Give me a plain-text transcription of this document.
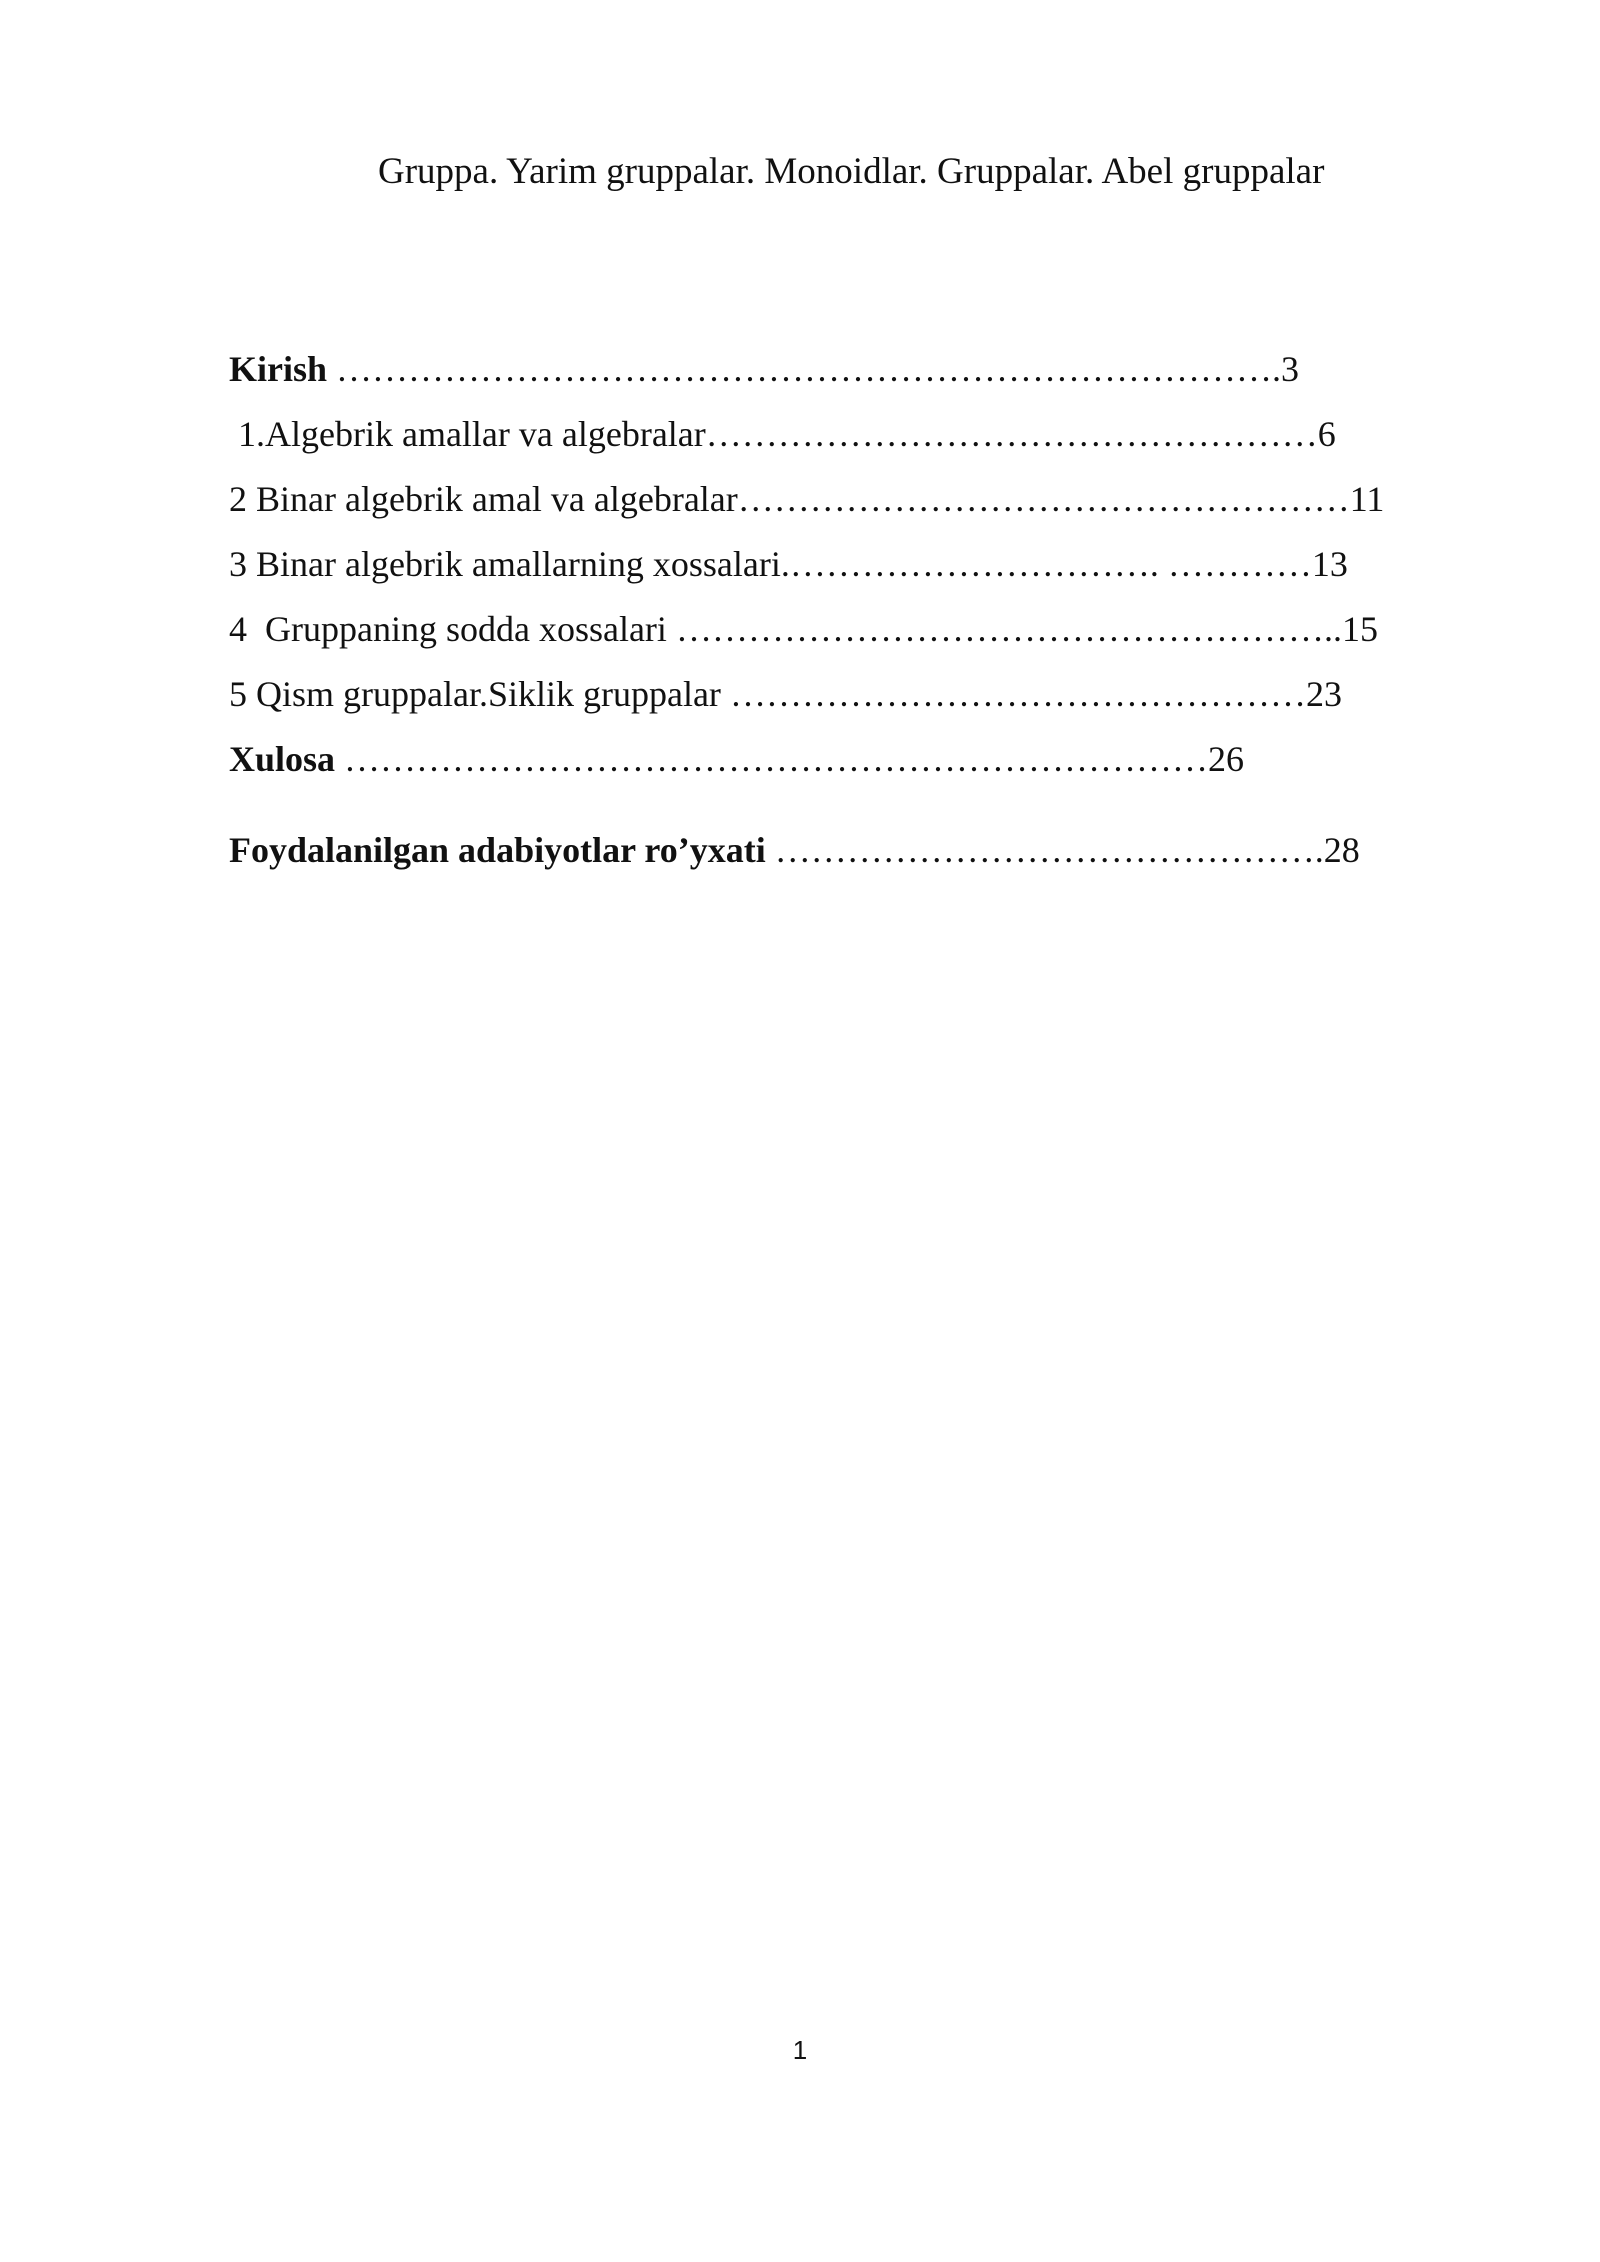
Gruppa. Yarim gruppalar. Monoidlar. Gruppalar. Abel gruppalar

Kirish …………………………………………………………………….3

1.Algebrik amallar va algebralar……………………………………………6

2 Binar algebrik amal va algebralar……………………………………………11

3 Binar algebrik amallarning xossalari.…………………………. …………13

4  Gruppaning sodda xossalari ………………………………………………..15

5 Qism gruppalar.Siklik gruppalar …………………………………………23

Xulosa ………………………………………………………………26

Foydalanilgan adabiyotlar ro’yxati ……………………………………….28

1
